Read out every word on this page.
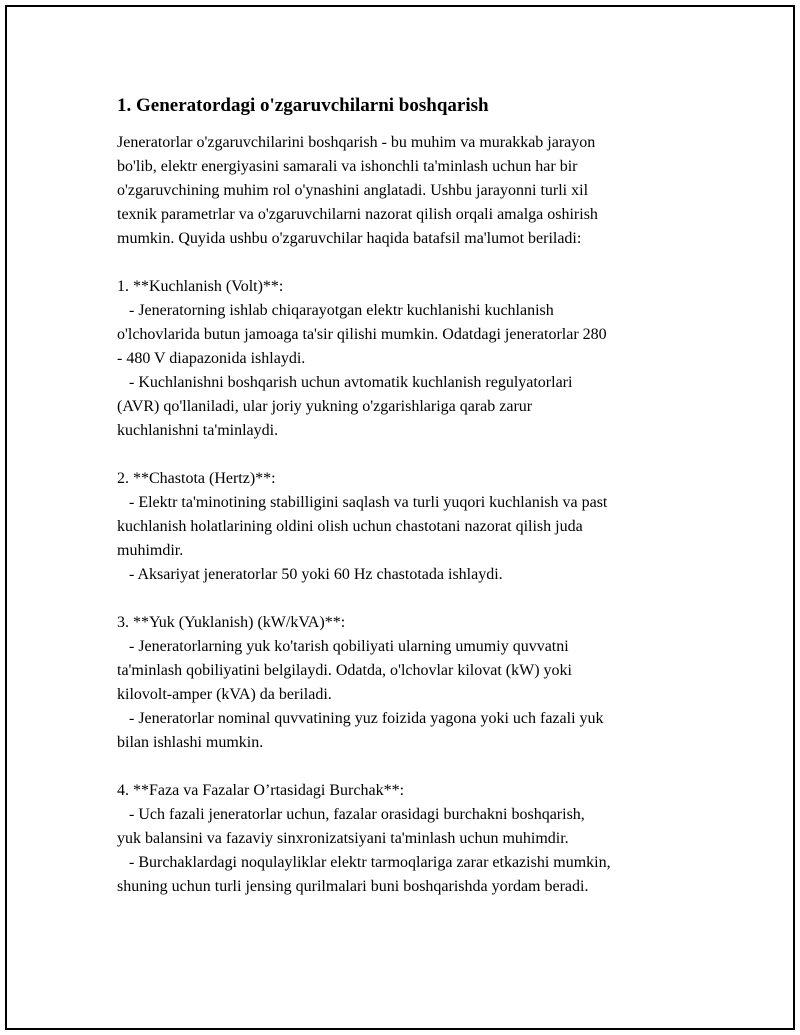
1. Generatordagi o'zgaruvchilarni boshqarish
Jeneratorlar o'zgaruvchilarini boshqarish - bu muhim va murakkab jarayon
bo'lib, elektr energiyasini samarali va ishonchli ta'minlash uchun har bir
o'zgaruvchining muhim rol o'ynashini anglatadi. Ushbu jarayonni turli xil
texnik parametrlar va o'zgaruvchilarni nazorat qilish orqali amalga oshirish
mumkin. Quyida ushbu o'zgaruvchilar haqida batafsil ma'lumot beriladi:
1. **Kuchlanish (Volt)**:
- Jeneratorning ishlab chiqarayotgan elektr kuchlanishi kuchlanish
o'lchovlarida butun jamoaga ta'sir qilishi mumkin. Odatdagi jeneratorlar 280
- 480 V diapazonida ishlaydi.
- Kuchlanishni boshqarish uchun avtomatik kuchlanish regulyatorlari
(AVR) qo'llaniladi, ular joriy yukning o'zgarishlariga qarab zarur
kuchlanishni ta'minlaydi.
2. **Chastota (Hertz)**:
- Elektr ta'minotining stabilligini saqlash va turli yuqori kuchlanish va past
kuchlanish holatlarining oldini olish uchun chastotani nazorat qilish juda
muhimdir.
- Aksariyat jeneratorlar 50 yoki 60 Hz chastotada ishlaydi.
3. **Yuk (Yuklanish) (kW/kVA)**:
- Jeneratorlarning yuk ko'tarish qobiliyati ularning umumiy quvvatni
ta'minlash qobiliyatini belgilaydi. Odatda, o'lchovlar kilovat (kW) yoki
kilovolt-amper (kVA) da beriladi.
- Jeneratorlar nominal quvvatining yuz foizida yagona yoki uch fazali yuk
bilan ishlashi mumkin.
4. **Faza va Fazalar O’rtasidagi Burchak**:
- Uch fazali jeneratorlar uchun, fazalar orasidagi burchakni boshqarish,
yuk balansini va fazaviy sinxronizatsiyani ta'minlash uchun muhimdir.
- Burchaklardagi noqulayliklar elektr tarmoqlariga zarar etkazishi mumkin,
shuning uchun turli jensing qurilmalari buni boshqarishda yordam beradi.
